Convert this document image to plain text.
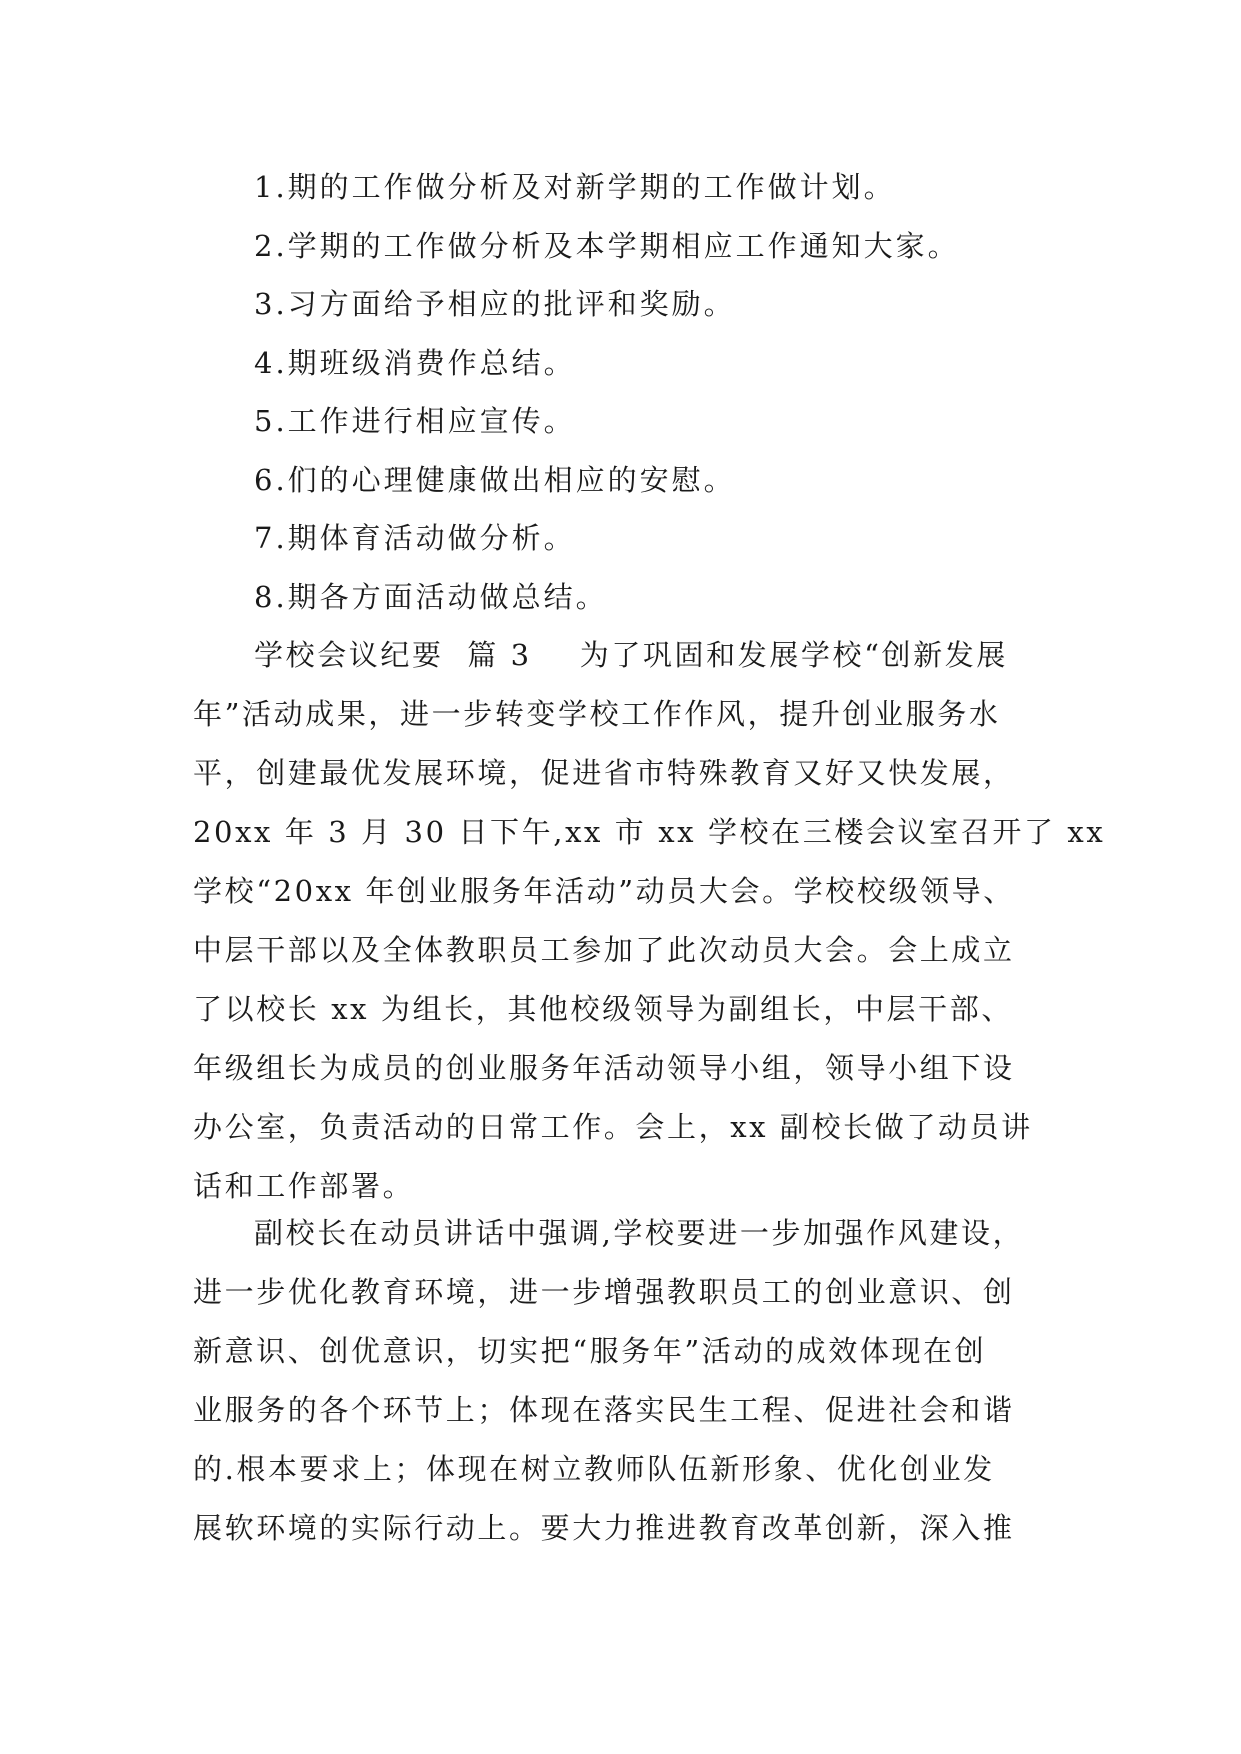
1.期的工作做分析及对新学期的工作做计划。
2.学期的工作做分析及本学期相应工作通知大家。
3.习方面给予相应的批评和奖励。
4.期班级消费作总结。
5.工作进行相应宣传。
6.们的心理健康做出相应的安慰。
7.期体育活动做分析。
8.期各方面活动做总结。
学校会议纪要  篇 3 为了巩固和发展学校“创新发展
年”活动成果，进一步转变学校工作作风，提升创业服务水
平，创建最优发展环境，促进省市特殊教育又好又快发展，
20xx 年 3 月 30 日下午,xx 市 xx 学校在三楼会议室召开了 xx
学校“20xx 年创业服务年活动”动员大会。学校校级领导、
中层干部以及全体教职员工参加了此次动员大会。会上成立
了以校长 xx 为组长，其他校级领导为副组长，中层干部、
年级组长为成员的创业服务年活动领导小组，领导小组下设
办公室，负责活动的日常工作。会上，xx 副校长做了动员讲
话和工作部署。
副校长在动员讲话中强调,学校要进一步加强作风建设，
进一步优化教育环境，进一步增强教职员工的创业意识、创
新意识、创优意识，切实把“服务年”活动的成效体现在创
业服务的各个环节上；体现在落实民生工程、促进社会和谐
的.根本要求上；体现在树立教师队伍新形象、优化创业发
展软环境的实际行动上。要大力推进教育改革创新，深入推
